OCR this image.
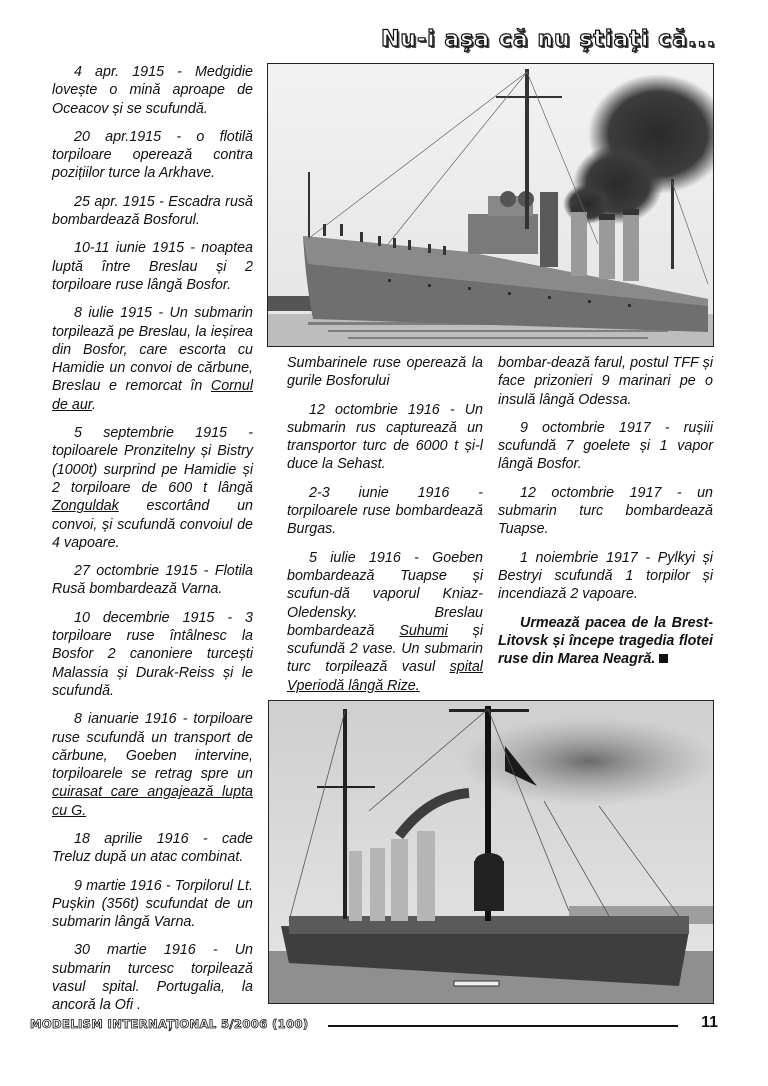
Nu-i așa că nu știați că...

4 apr. 1915 - Medgidie lovește o mină aproape de Oceacov și se scufundă.

20 apr.1915 - o flotilă torpiloare operează contra pozițiilor turce la Arkhave.

25 apr. 1915 - Escadra rusă bombardează Bosforul.

10-11 iunie 1915 - noaptea luptă între Breslau și 2 torpiloare ruse lângă Bosfor.

8 iulie 1915 - Un submarin torpilează pe Breslau, la ieșirea din Bosfor, care escorta cu Hamidie un convoi de cărbune, Breslau e remorcat în Cornul de aur.

5 septembrie 1915 - topiloarele Pronzitelny și Bistry (1000t) surprind pe Hamidie și 2 torpiloare de 600 t lângă Zonguldak escortând un convoi, și scufundă convoiul de 4 vapoare.

27 octombrie 1915 - Flotila Rusă bombardează Varna.

10 decembrie 1915 - 3 torpiloare ruse întâlnesc la Bosfor 2 canoniere turcești Malassia și Durak-Reiss și le scufundă.

8 ianuarie 1916 - torpiloare ruse scufundă un transport de cărbune, Goeben intervine, torpiloarele se retrag spre un cuirasat care angajează lupta cu G.

18 aprilie 1916 - cade Treluz după un atac combinat.

9 martie 1916 - Torpilorul Lt. Pușkin (356t) scufundat de un submarin lângă Varna.

30 martie 1916 - Un submarin turcesc torpilează vasul spital. Portugalia, la ancoră la Ofi .

Sumbarinele ruse operează la gurile Bosforului

12 octombrie 1916 - Un submarin rus capturează un transportor turc de 6000 t și-l duce la Sehast.

2-3 iunie 1916 - torpiloarele ruse bombardează Burgas.

5 iulie 1916 - Goeben bombardează Tuapse și scufun-dă vaporul Kniaz-Oledensky. Breslau bombardează Suhumi și scufundă 2 vase. Un submarin turc torpilează vasul spital Vperiodă lângă Rize.

bombar-dează farul, postul TFF și face prizonieri 9 marinari pe o insulă lângă Odessa.

9 octombrie 1917 - rușiii scufundă 7 goelete și 1 vapor lângă Bosfor.

12 octombrie 1917 - un submarin turc bombardează Tuapse.

1 noiembrie 1917 - Pylkyi și Bestryi scufundă 1 torpilor și incendiază 2 vapoare.

Urmează pacea de la Brest-Litovsk și începe tragedia flotei ruse din Marea Neagră.

MODELISM INTERNAȚIONAL 5/2006 (100)	11
